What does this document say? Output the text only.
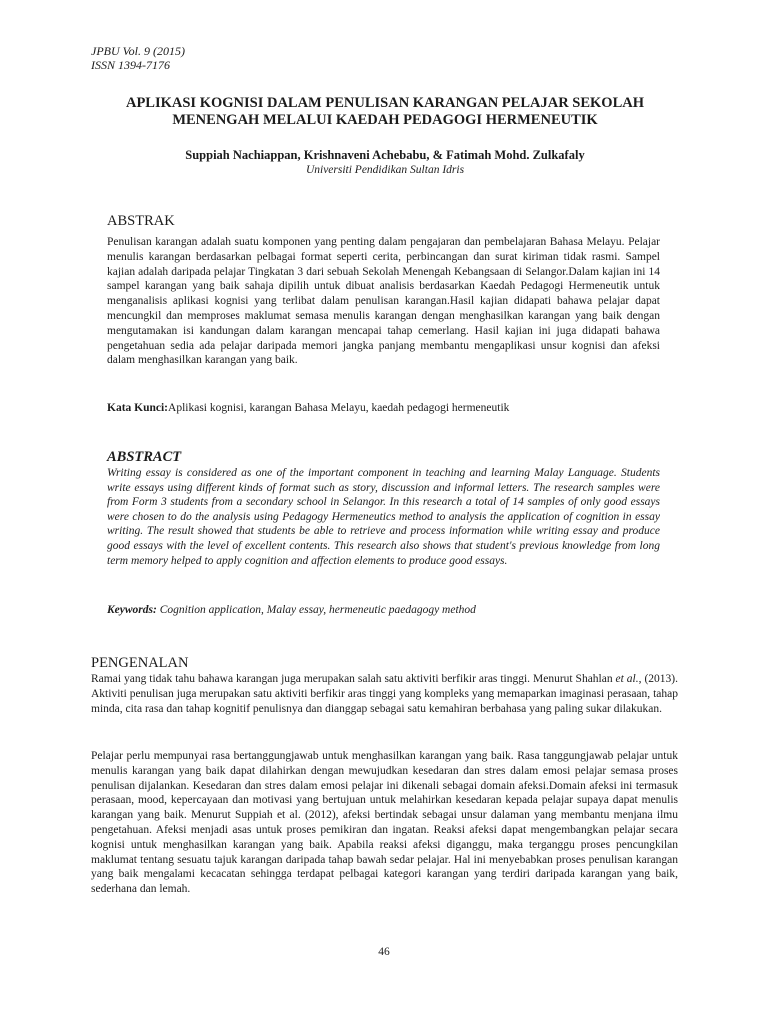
JPBU Vol. 9 (2015)
ISSN 1394-7176
APLIKASI KOGNISI DALAM PENULISAN KARANGAN PELAJAR SEKOLAH
MENENGAH MELALUI KAEDAH PEDAGOGI HERMENEUTIK
Suppiah Nachiappan, Krishnaveni Achebabu, & Fatimah Mohd. Zulkafaly
Universiti Pendidikan Sultan Idris
ABSTRAK
Penulisan karangan adalah suatu komponen yang penting dalam pengajaran dan pembelajaran Bahasa Melayu. Pelajar menulis karangan berdasarkan pelbagai format seperti cerita, perbincangan dan surat kiriman tidak rasmi. Sampel kajian adalah daripada pelajar Tingkatan 3 dari sebuah Sekolah Menengah Kebangsaan di Selangor.Dalam kajian ini 14 sampel karangan yang baik sahaja dipilih untuk dibuat analisis berdasarkan Kaedah Pedagogi Hermeneutik untuk menganalisis aplikasi kognisi yang terlibat dalam penulisan karangan.Hasil kajian didapati bahawa pelajar dapat mencungkil dan memproses maklumat semasa menulis karangan dengan menghasilkan karangan yang baik dengan mengutamakan isi kandungan dalam karangan mencapai tahap cemerlang. Hasil kajian ini juga didapati bahawa pengetahuan sedia ada pelajar daripada memori jangka panjang membantu mengaplikasi unsur kognisi dan afeksi dalam menghasilkan karangan yang baik.
Kata Kunci:Aplikasi kognisi, karangan Bahasa Melayu, kaedah pedagogi hermeneutik
ABSTRACT
Writing essay is considered as one of the important component in teaching and learning Malay Language. Students write essays using different kinds of format such as story, discussion and informal letters. The research samples were from Form 3 students from a secondary school in Selangor. In this research a total of 14 samples of only good essays were chosen to do the analysis using Pedagogy Hermeneutics method to analysis the application of cognition in essay writing. The result showed that students be able to retrieve and process information while writing essay and produce good essays with the level of excellent contents. This research also shows that student's previous knowledge from long term memory helped to apply cognition and affection elements to produce good essays.
Keywords: Cognition application, Malay essay, hermeneutic paedagogy method
PENGENALAN
Ramai yang tidak tahu bahawa karangan juga merupakan salah satu aktiviti berfikir aras tinggi. Menurut Shahlan et al., (2013). Aktiviti penulisan juga merupakan satu aktiviti berfikir aras tinggi yang kompleks yang memaparkan imaginasi perasaan, tahap minda, cita rasa dan tahap kognitif penulisnya dan dianggap sebagai satu kemahiran berbahasa yang paling sukar dilakukan.
Pelajar perlu mempunyai rasa bertanggungjawab untuk menghasilkan karangan yang baik. Rasa tanggungjawab pelajar untuk menulis karangan yang baik dapat dilahirkan dengan mewujudkan kesedaran dan stres dalam emosi pelajar semasa proses penulisan dijalankan. Kesedaran dan stres dalam emosi pelajar ini dikenali sebagai domain afeksi.Domain afeksi ini termasuk perasaan, mood, kepercayaan dan motivasi yang bertujuan untuk melahirkan kesedaran kepada pelajar supaya dapat menulis karangan yang baik. Menurut Suppiah et al. (2012), afeksi bertindak sebagai unsur dalaman yang membantu menjana ilmu pengetahuan. Afeksi menjadi asas untuk proses pemikiran dan ingatan. Reaksi afeksi dapat mengembangkan pelajar secara kognisi untuk menghasilkan karangan yang baik. Apabila reaksi afeksi diganggu, maka terganggu proses pencungkilan maklumat tentang sesuatu tajuk karangan daripada tahap bawah sedar pelajar. Hal ini menyebabkan proses penulisan karangan yang baik mengalami kecacatan sehingga terdapat pelbagai kategori karangan yang terdiri daripada karangan yang baik, sederhana dan lemah.
46
